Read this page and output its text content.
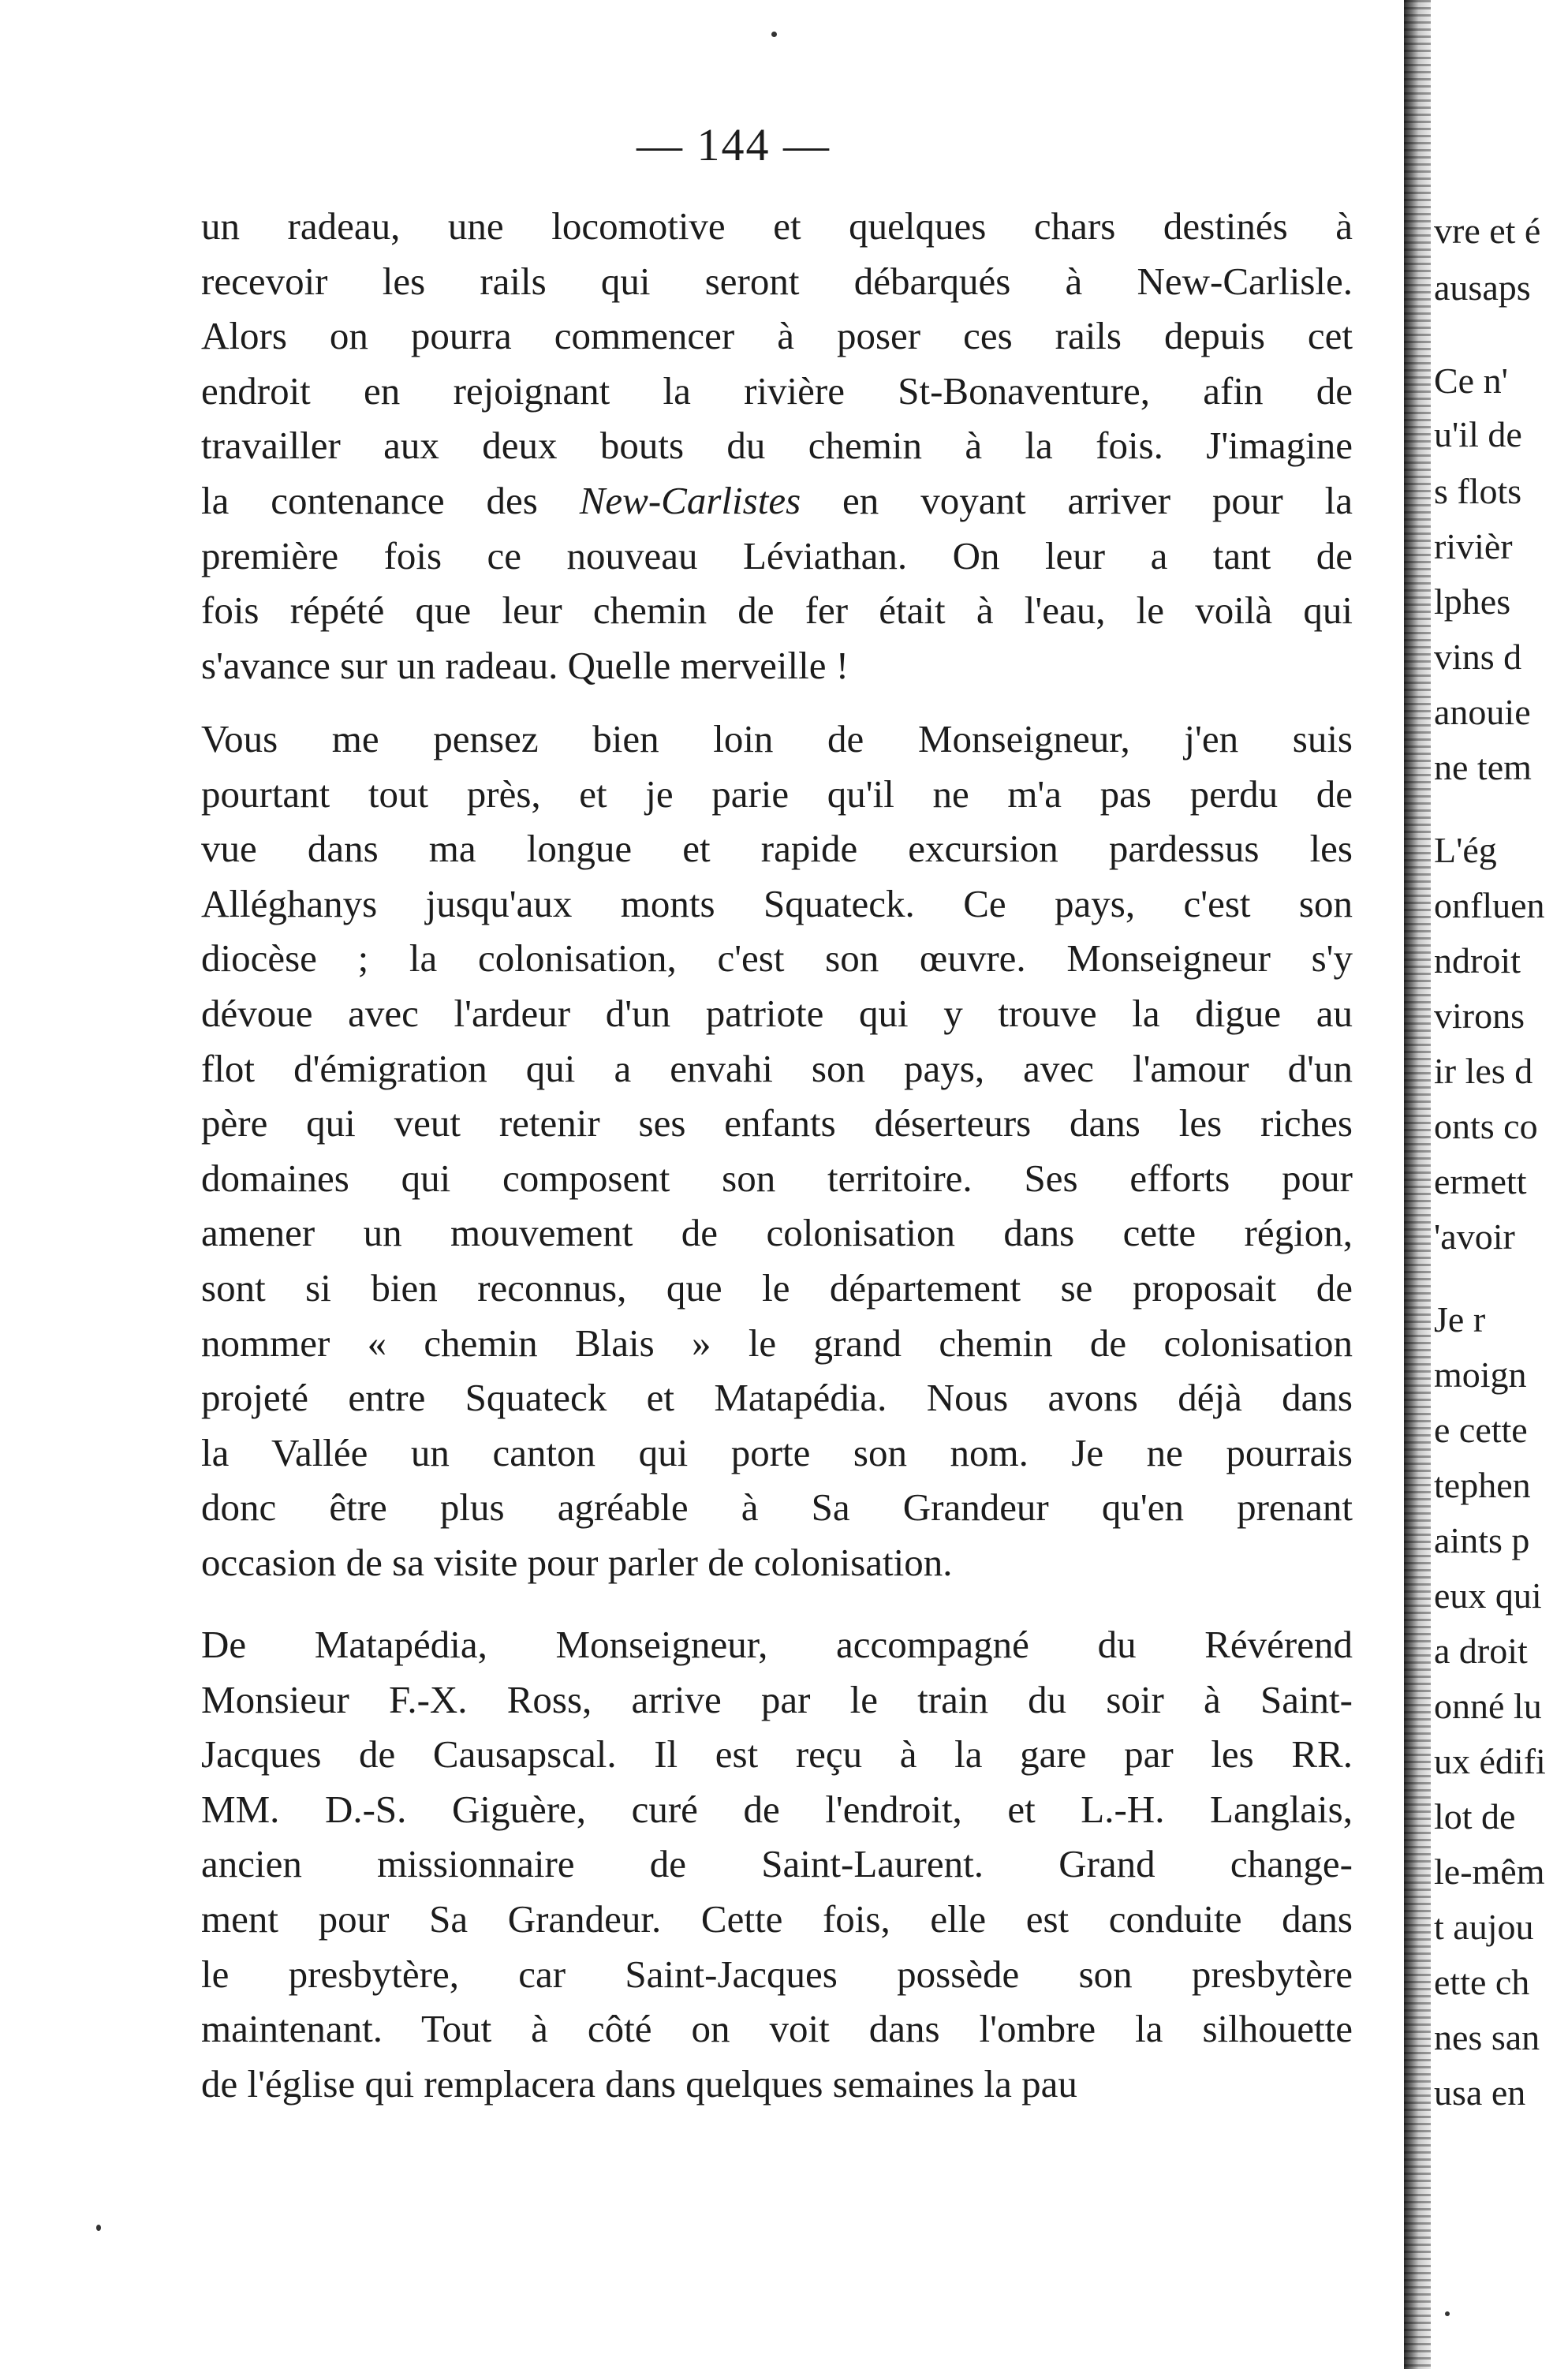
— 144 —
un radeau, une locomotive et quelques chars destinés à
recevoir les rails qui seront débarqués à New-Carlisle.
Alors on pourra commencer à poser ces rails depuis cet
endroit en rejoignant la rivière St-Bonaventure, afin de
travailler aux deux bouts du chemin à la fois. J'imagine
la contenance des New-Carlistes en voyant arriver pour la
première fois ce nouveau Léviathan. On leur a tant de
fois répété que leur chemin de fer était à l'eau, le voilà qui
s'avance sur un radeau. Quelle merveille !
Vous me pensez bien loin de Monseigneur, j'en suis
pourtant tout près, et je parie qu'il ne m'a pas perdu de
vue dans ma longue et rapide excursion pardessus les
Alléghanys jusqu'aux monts Squateck. Ce pays, c'est son
diocèse ; la colonisation, c'est son œuvre. Monseigneur s'y
dévoue avec l'ardeur d'un patriote qui y trouve la digue au
flot d'émigration qui a envahi son pays, avec l'amour d'un
père qui veut retenir ses enfants déserteurs dans les riches
domaines qui composent son territoire. Ses efforts pour
amener un mouvement de colonisation dans cette région,
sont si bien reconnus, que le département se proposait de
nommer « chemin Blais » le grand chemin de colonisation
projeté entre Squateck et Matapédia. Nous avons déjà dans
la Vallée un canton qui porte son nom. Je ne pourrais
donc être plus agréable à Sa Grandeur qu'en prenant
occasion de sa visite pour parler de colonisation.
De Matapédia, Monseigneur, accompagné du Révérend
Monsieur F.-X. Ross, arrive par le train du soir à Saint-
Jacques de Causapscal. Il est reçu à la gare par les RR.
MM. D.-S. Giguère, curé de l'endroit, et L.-H. Langlais,
ancien missionnaire de Saint-Laurent. Grand change-
ment pour Sa Grandeur. Cette fois, elle est conduite dans
le presbytère, car Saint-Jacques possède son presbytère
maintenant. Tout à côté on voit dans l'ombre la silhouette
de l'église qui remplacera dans quelques semaines la pau
vre et é
ausaps
Ce n'
u'il de
s flots
rivièr
lphes
vins d
anouie
ne tem
L'ég
onfluen
ndroit
virons
ir les d
onts co
ermett
'avoir
Je r
moign
e cette
tephen
aints p
eux qui
a droit
onné lu
ux édifi
lot de
le-mêm
t aujou
ette ch
nes san
usa en
